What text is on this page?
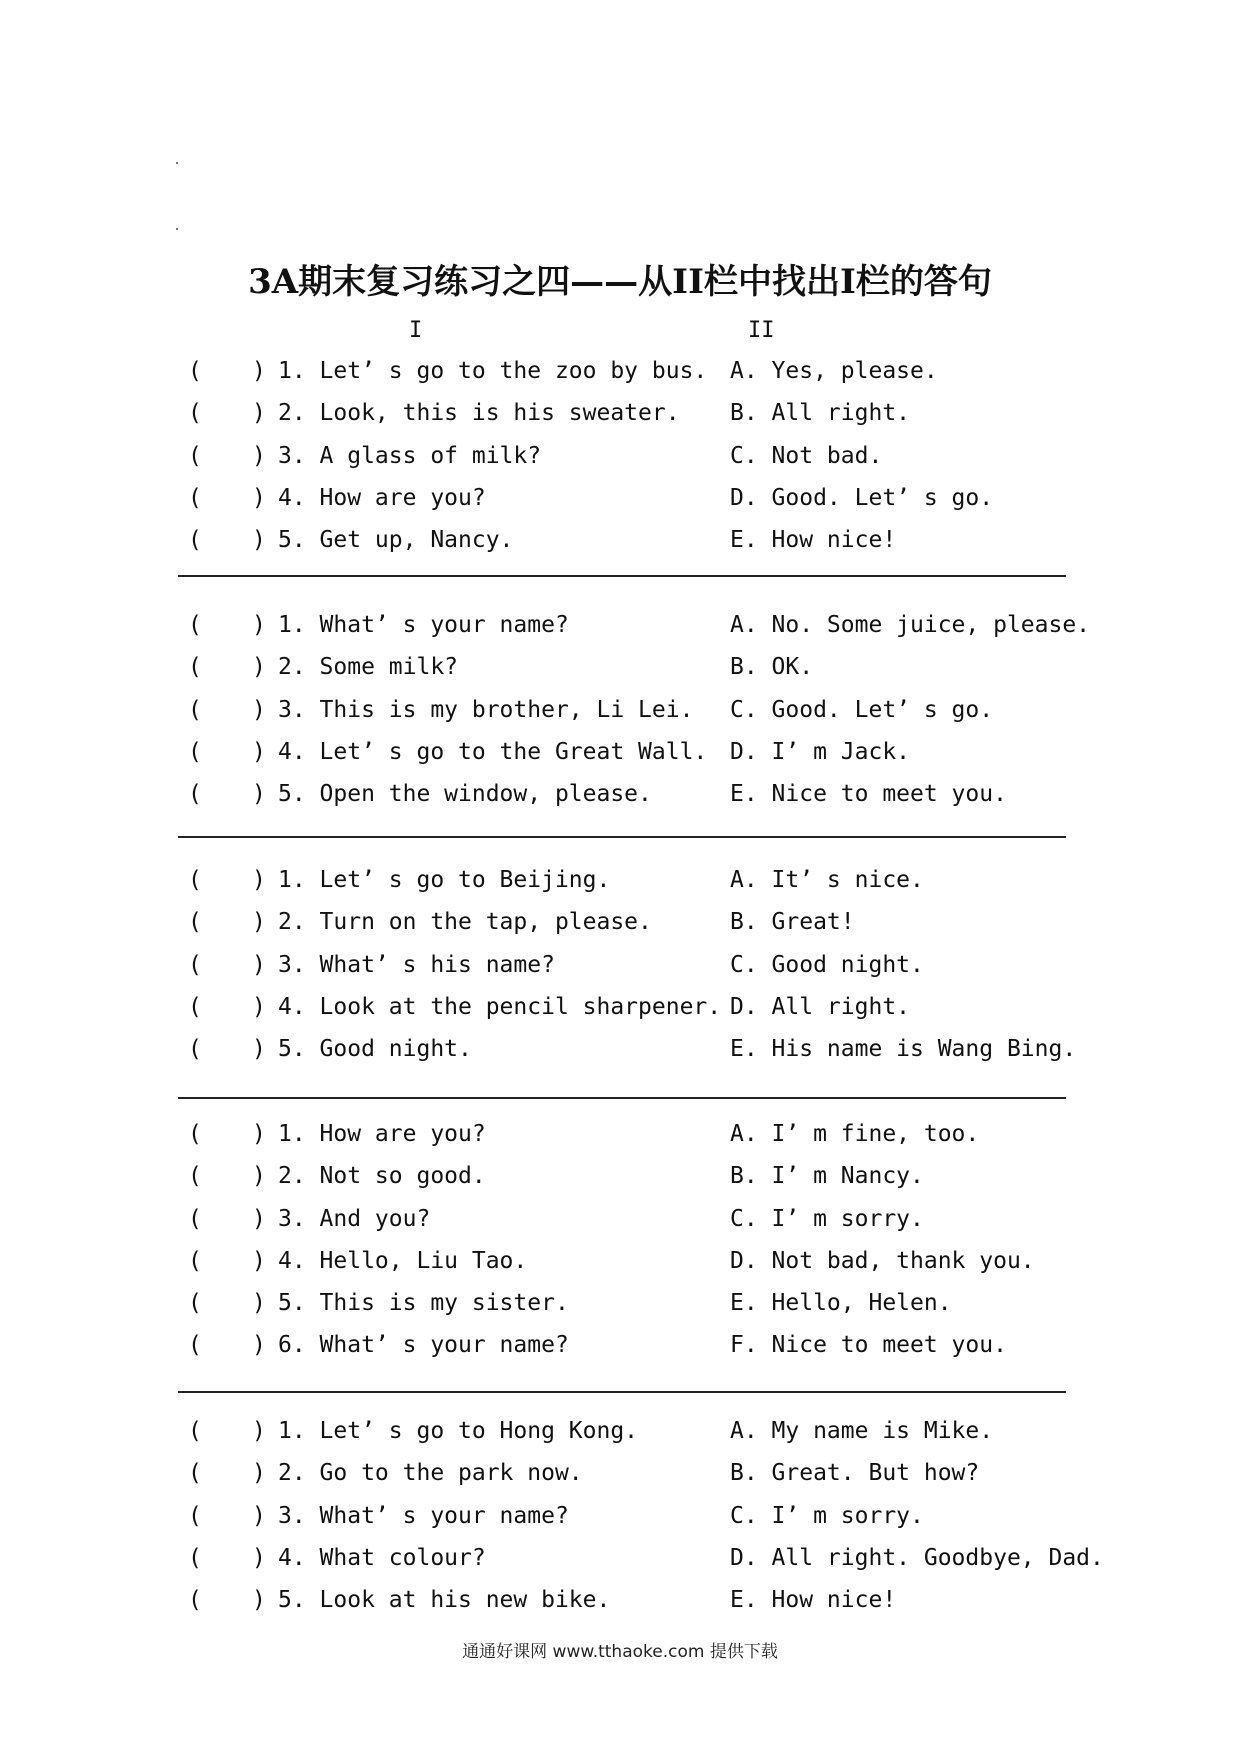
3A期末复习练习之四——从II栏中找出I栏的答句
I	II
( ) 1. Let’ s go to the zoo by bus. A. Yes, please.
( ) 2. Look, this is his sweater. B. All right.
( ) 3. A glass of milk?	C. Not bad.
( ) 4. How are you?	D. Good. Let’ s go.
( ) 5. Get up, Nancy.	E. How nice!
( ) 1. What’ s your name?	A. No. Some juice, please.
( ) 2. Some milk?	B. OK.
( ) 3. This is my brother, Li Lei. C. Good. Let’ s go.
( ) 4. Let’ s go to the Great Wall. D. I’ m Jack.
( ) 5. Open the window, please.	E. Nice to meet you.
( ) 1. Let’ s go to Beijing.	A. It’ s nice.
( ) 2. Turn on the tap, please.	B. Great!
( ) 3. What’ s his name?	C. Good night.
( ) 4. Look at the pencil sharpener. D. All right.
( ) 5. Good night.	E. His name is Wang Bing.
( ) 1. How are you?	A. I’ m fine, too.
( ) 2. Not so good.	B. I’ m Nancy.
( ) 3. And you?	C. I’ m sorry.
( ) 4. Hello, Liu Tao.	D. Not bad, thank you.
( ) 5. This is my sister.	E. Hello, Helen.
( ) 6. What’ s your name?	F. Nice to meet you.
( ) 1. Let’ s go to Hong Kong.	A. My name is Mike.
( ) 2. Go to the park now.	B. Great. But how?
( ) 3. What’ s your name?	C. I’ m sorry.
( ) 4. What colour?	D. All right. Goodbye, Dad.
( ) 5. Look at his new bike.	E. How nice!
通通好课网 www.tthaoke.com 提供下载
